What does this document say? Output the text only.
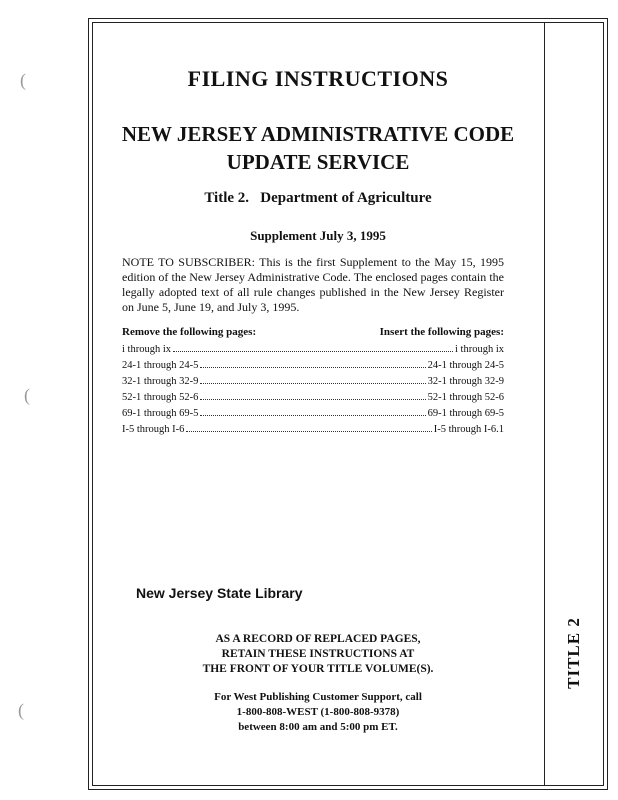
TITLE 2
FILING INSTRUCTIONS
NEW JERSEY ADMINISTRATIVE CODE
UPDATE SERVICE
Title 2.   Department of Agriculture
Supplement July 3, 1995
NOTE TO SUBSCRIBER: This is the first Supplement to the May 15, 1995 edition of the New Jersey Administrative Code. The enclosed pages contain the legally adopted text of all rule changes published in the New Jersey Register on June 5, June 19, and July 3, 1995.
Remove the following pages:	Insert the following pages:
i through ix	i through ix
24-1 through 24-5	24-1 through 24-5
32-1 through 32-9	32-1 through 32-9
52-1 through 52-6	52-1 through 52-6
69-1 through 69-5	69-1 through 69-5
I-5 through I-6	I-5 through I-6.1
New Jersey State Library
AS A RECORD OF REPLACED PAGES,
RETAIN THESE INSTRUCTIONS AT
THE FRONT OF YOUR TITLE VOLUME(S).
For West Publishing Customer Support, call
1-800-808-WEST (1-800-808-9378)
between 8:00 am and 5:00 pm ET.
(
(
(
